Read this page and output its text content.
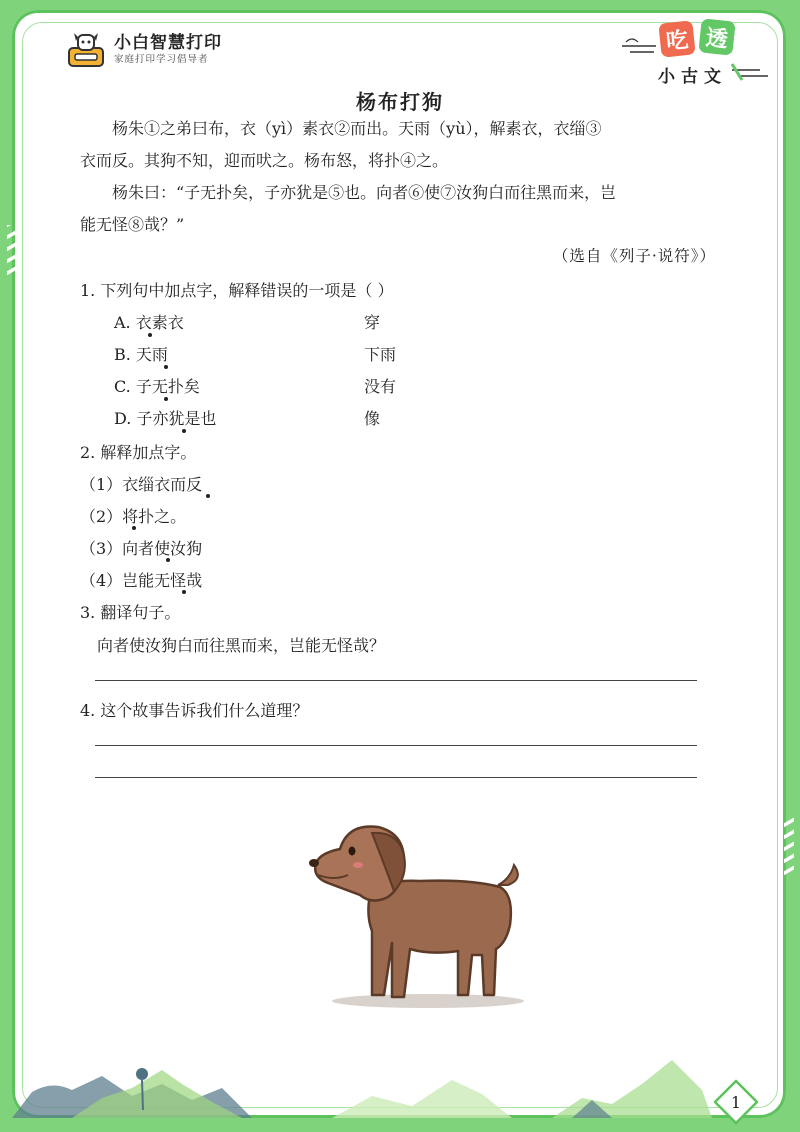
小白智慧打印
家庭打印学习倡导者
吃 透
小古文
杨布打狗
杨朱①之弟曰布，衣（yì）素衣②而出。天雨（yù），解素衣，衣缁③
衣而反。其狗不知，迎而吠之。杨布怒，将扑④之。
杨朱曰：“子无扑矣，子亦犹是⑤也。向者⑥使⑦汝狗白而往黑而来，岂
能无怪⑧哉？”
（选自《列子·说符》）
1. 下列句中加点字，解释错误的一项是（ ）
A. 衣素衣	穿
B. 天雨	下雨
C. 子无扑矣	没有
D. 子亦犹是也	像
2. 解释加点字。
（1）衣缁衣而反
（2）将扑之。
（3）向者使汝狗
（4）岂能无怪哉
3. 翻译句子。
向者使汝狗白而往黑而来，岂能无怪哉？
4. 这个故事告诉我们什么道理？
1
